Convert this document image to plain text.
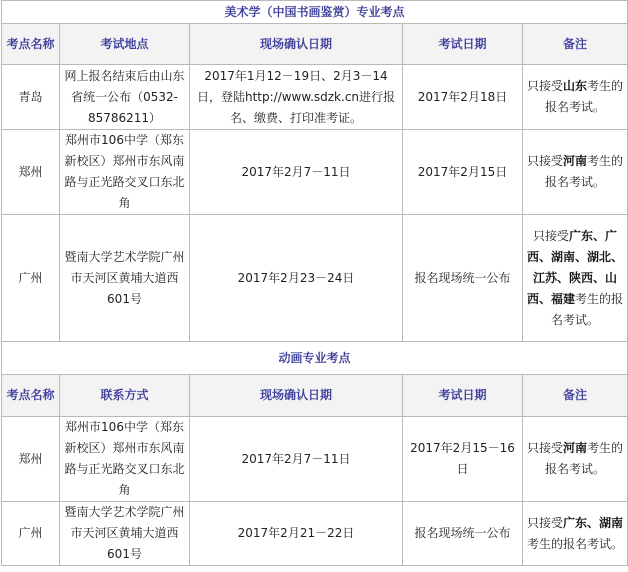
美术学（中国书画鉴赏）专业考点				
考点名称	考试地点	现场确认日期	考试日期	备注
青岛	网上报名结束后由山东省统一公布（0532-85786211）	2017年1月12－19日、2月3－14日，登陆http://www.sdzk.cn进行报名、缴费、打印准考证。	2017年2月18日	只接受山东考生的报名考试。
郑州	郑州市106中学（郑东新校区）郑州市东风南路与正光路交叉口东北角	2017年2月7－11日	2017年2月15日	只接受河南考生的报名考试。
广州	暨南大学艺术学院广州市天河区黄埔大道西601号	2017年2月23－24日	报名现场统一公布	只接受广东、广西、湖南、湖北、江苏、陕西、山西、福建考生的报名考试。
动画专业考点				
考点名称	联系方式	现场确认日期	考试日期	备注
郑州	郑州市106中学（郑东新校区）郑州市东风南路与正光路交叉口东北角	2017年2月7－11日	2017年2月15－16日	只接受河南考生的报名考试。
广州	暨南大学艺术学院广州市天河区黄埔大道西601号	2017年2月21－22日	报名现场统一公布	只接受广东、湖南考生的报名考试。
